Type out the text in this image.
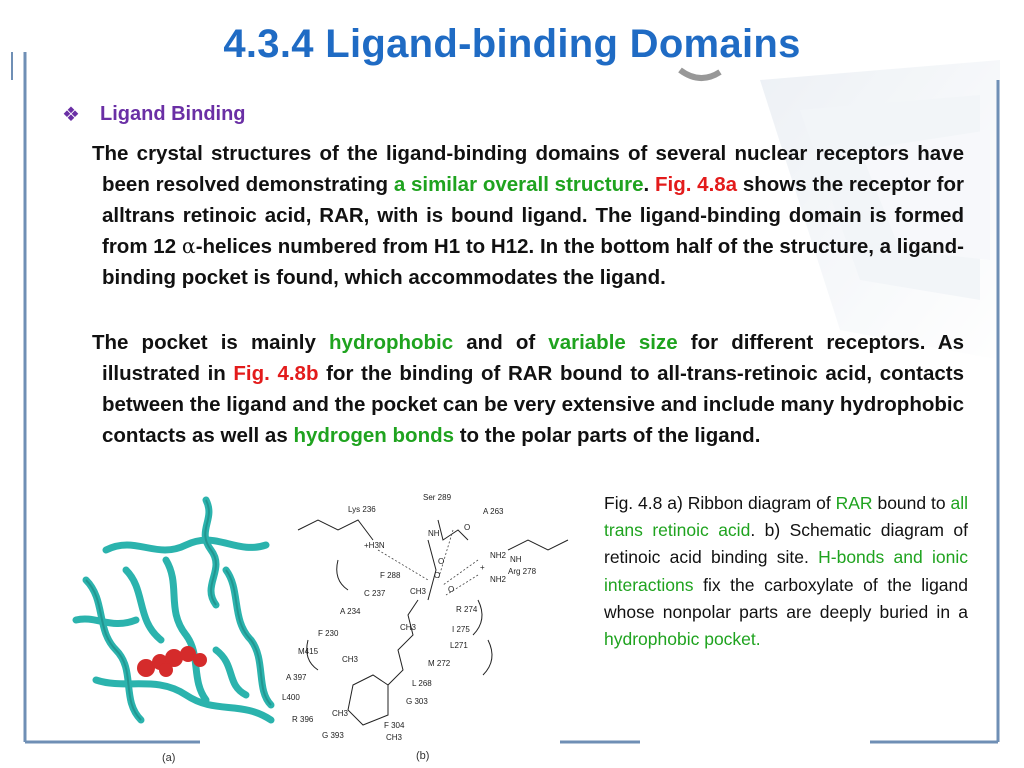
4.3.4 Ligand-binding Domains
❖	Ligand Binding

The crystal structures of the ligand-binding domains of several nuclear receptors have been resolved demonstrating a similar overall structure. Fig. 4.8a shows the receptor for alltrans retinoic acid, RAR, with is bound ligand. The ligand-binding domain is formed from 12 α-helices numbered from H1 to H12. In the bottom half of the structure, a ligand-binding pocket is found, which accommodates the ligand.

The pocket is mainly hydrophobic and of variable size for different receptors. As illustrated in Fig. 4.8b for the binding of RAR bound to all-trans-retinoic acid, contacts between the ligand and the pocket can be very extensive and include many hydrophobic contacts as well as hydrogen bonds to the polar parts of the ligand.

(a)
Lys 236
Ser 289
A 263
+H3N
NH
NH2
NH2
+
NH
Arg 278
O
O
O
O
F 288
C 237
A 234	R 274
F 230	I 275
L271
M415
M 272
A 397
L400
R 396
L 268
G 303
F 304
G 393
CH3
CH3
CH3
CH3
CH3
(b)
Fig. 4.8 a) Ribbon diagram of RAR bound to all trans retinoic acid. b) Schematic diagram of retinoic acid binding site. H-bonds and ionic interactions fix the carboxylate of the ligand whose nonpolar parts are deeply buried in a hydrophobic pocket.
